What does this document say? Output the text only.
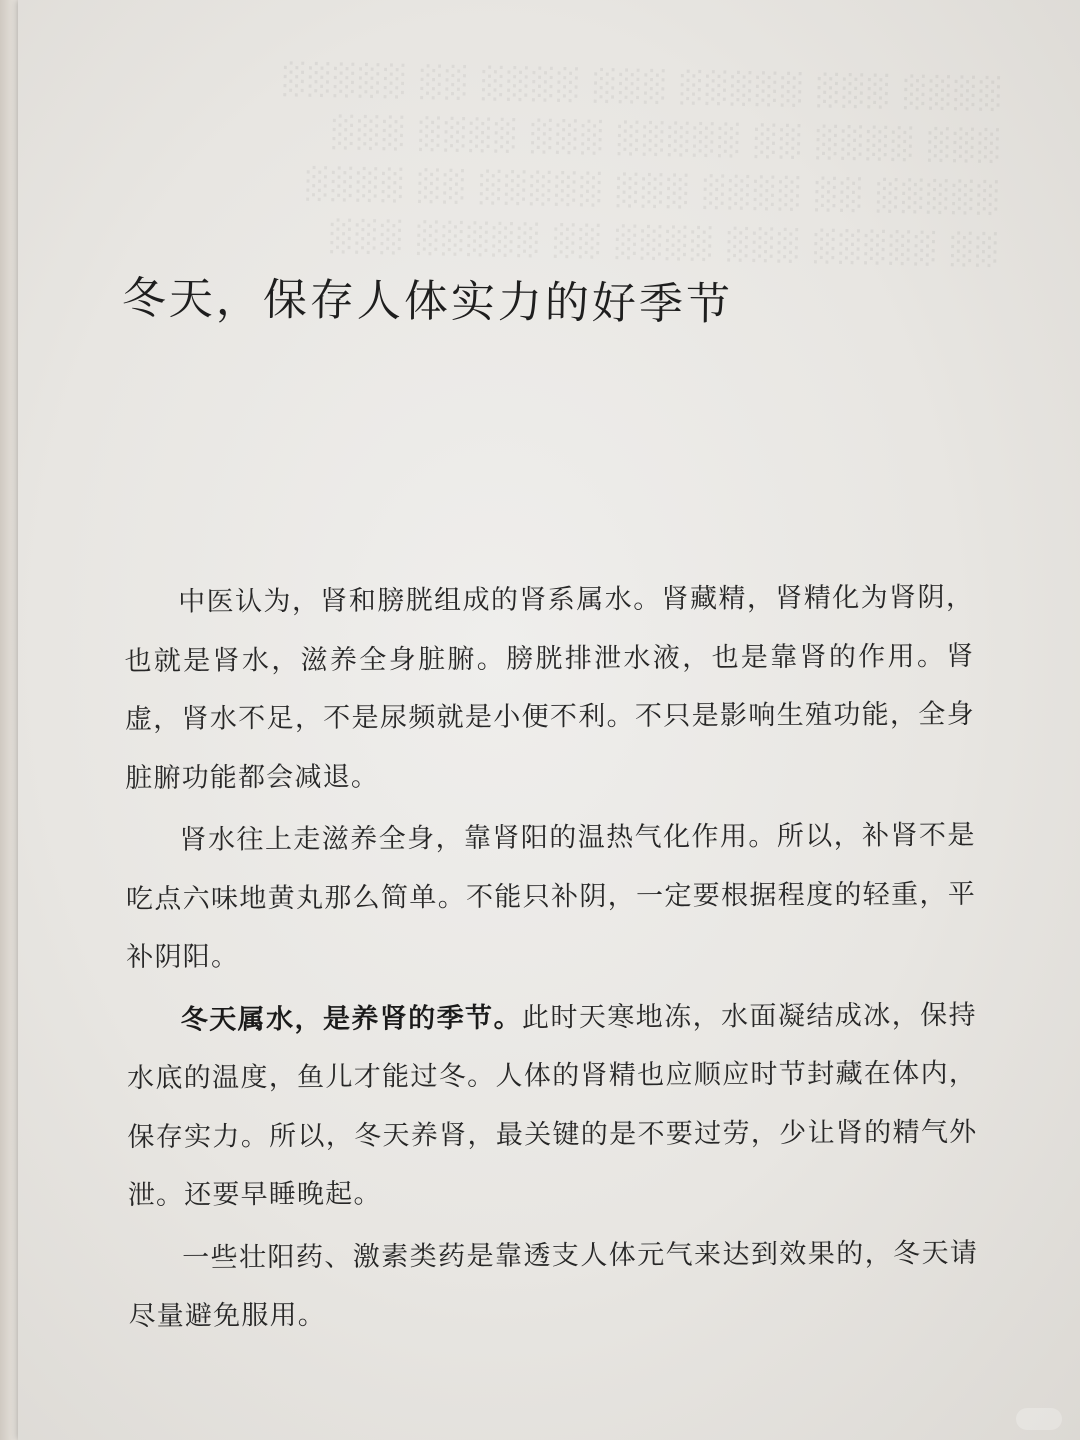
░░░░ ░░░ ░░░░░ ░░░ ░░░░ ░░ ░░░░░
░░░ ░░░░ ░░ ░░░░░ ░░░ ░░░░ ░░░
░░░░░ ░░ ░░░░ ░░░ ░░░░░ ░░ ░░░░
░░ ░░░░░ ░░░ ░░░░ ░░ ░░░░░ ░░░
冬天，保存人体实力的好季节

中医认为，肾和膀胱组成的肾系属水。肾藏精，肾精化为肾阴，也就是肾水，滋养全身脏腑。膀胱排泄水液，也是靠肾的作用。肾虚，肾水不足，不是尿频就是小便不利。不只是影响生殖功能，全身脏腑功能都会减退。

肾水往上走滋养全身，靠肾阳的温热气化作用。所以，补肾不是吃点六味地黄丸那么简单。不能只补阴，一定要根据程度的轻重，平补阴阳。

冬天属水，是养肾的季节。此时天寒地冻，水面凝结成冰，保持水底的温度，鱼儿才能过冬。人体的肾精也应顺应时节封藏在体内，保存实力。所以，冬天养肾，最关键的是不要过劳，少让肾的精气外泄。还要早睡晚起。

一些壮阳药、激素类药是靠透支人体元气来达到效果的，冬天请尽量避免服用。
